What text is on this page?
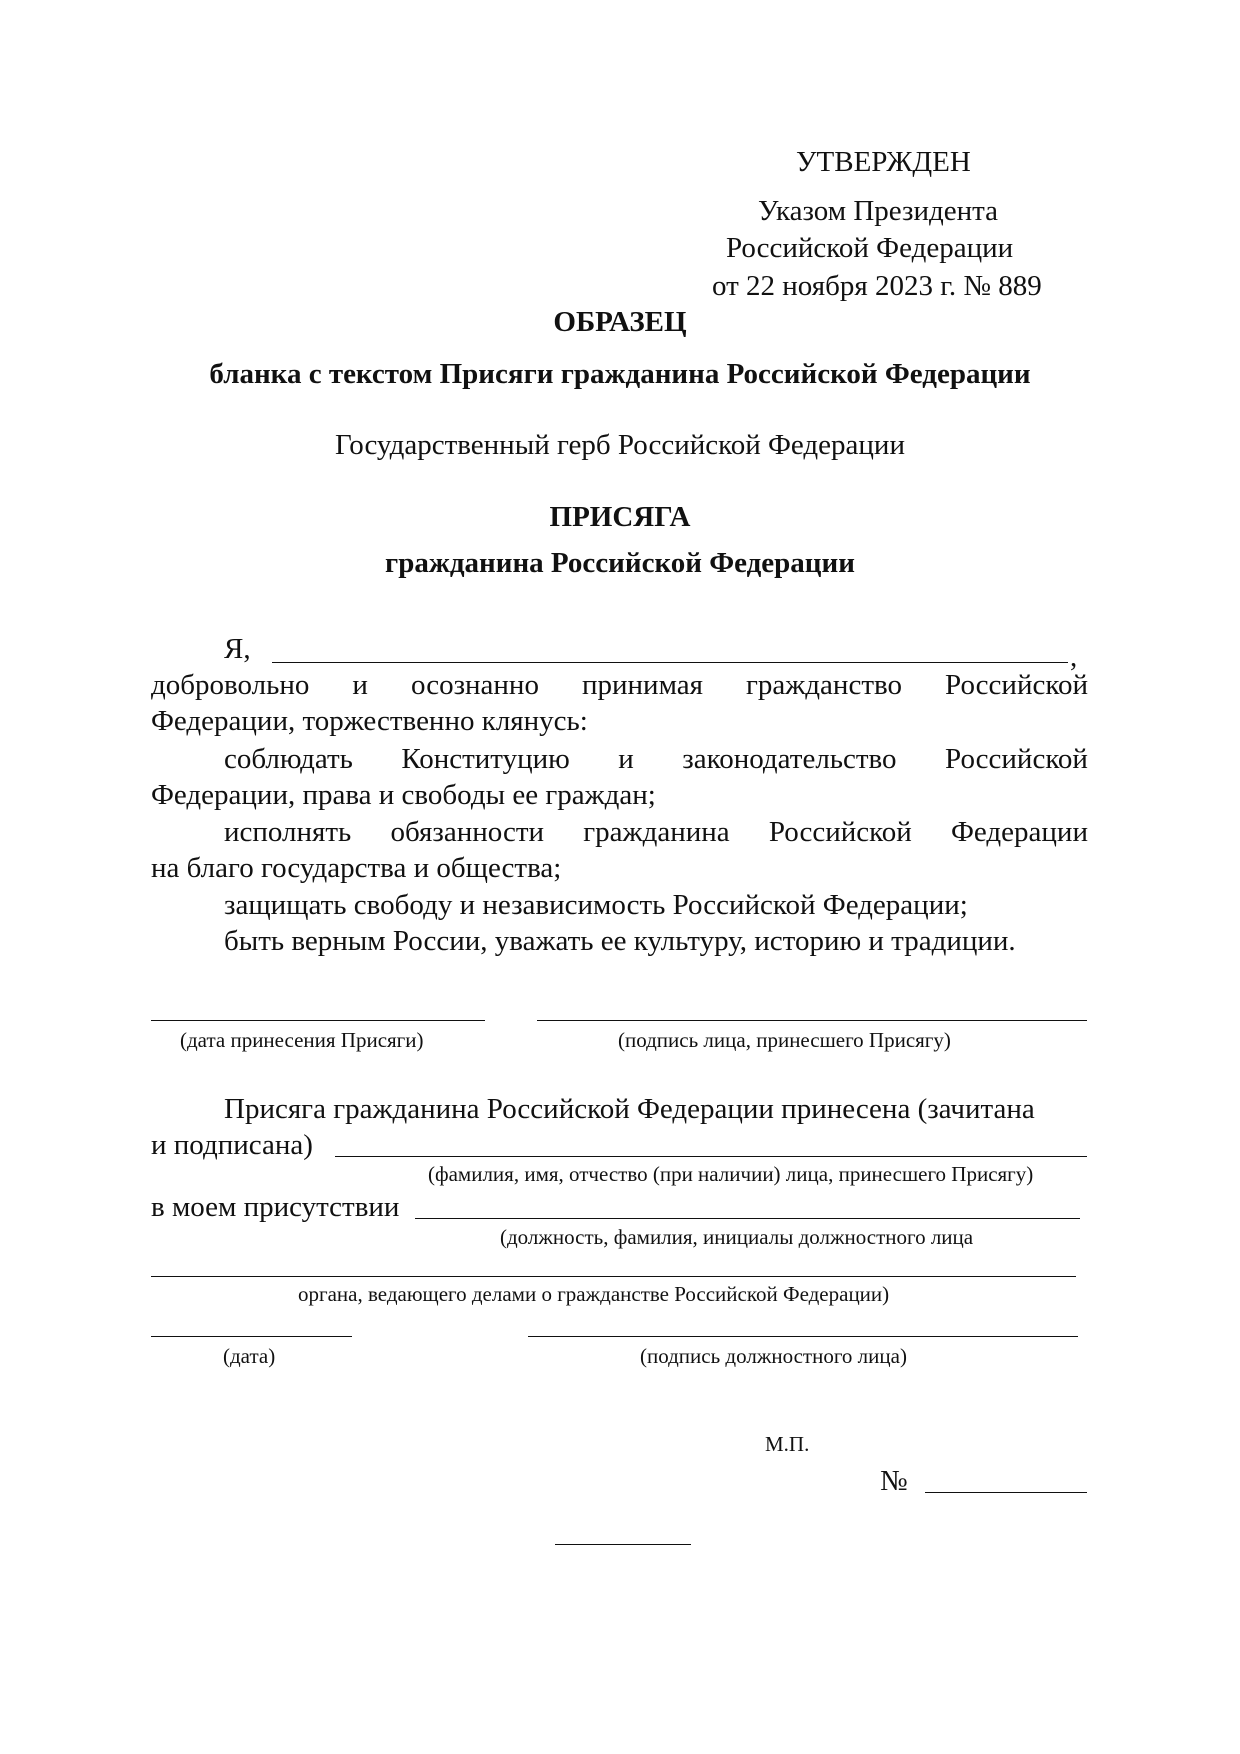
УТВЕРЖДЕН
Указом Президента
Российской Федерации
от 22 ноября 2023 г. № 889
ОБРАЗЕЦ
бланка с текстом Присяги гражданина Российской Федерации
Государственный герб Российской Федерации
ПРИСЯГА
гражданина Российской Федерации
Я,	,
добровольно и осознанно принимая гражданство Российской
Федерации, торжественно клянусь:
соблюдать Конституцию и законодательство Российской
Федерации, права и свободы ее граждан;
исполнять обязанности гражданина Российской Федерации
на благо государства и общества;
защищать свободу и независимость Российской Федерации;
быть верным России, уважать ее культуру, историю и традиции.
(дата принесения Присяги)	(подпись лица, принесшего Присягу)
Присяга гражданина Российской Федерации принесена (зачитана
и подписана)
(фамилия, имя, отчество (при наличии) лица, принесшего Присягу)
в моем присутствии
(должность, фамилия, инициалы должностного лица
органа, ведающего делами о гражданстве Российской Федерации)
(дата)	(подпись должностного лица)
М.П.
№
